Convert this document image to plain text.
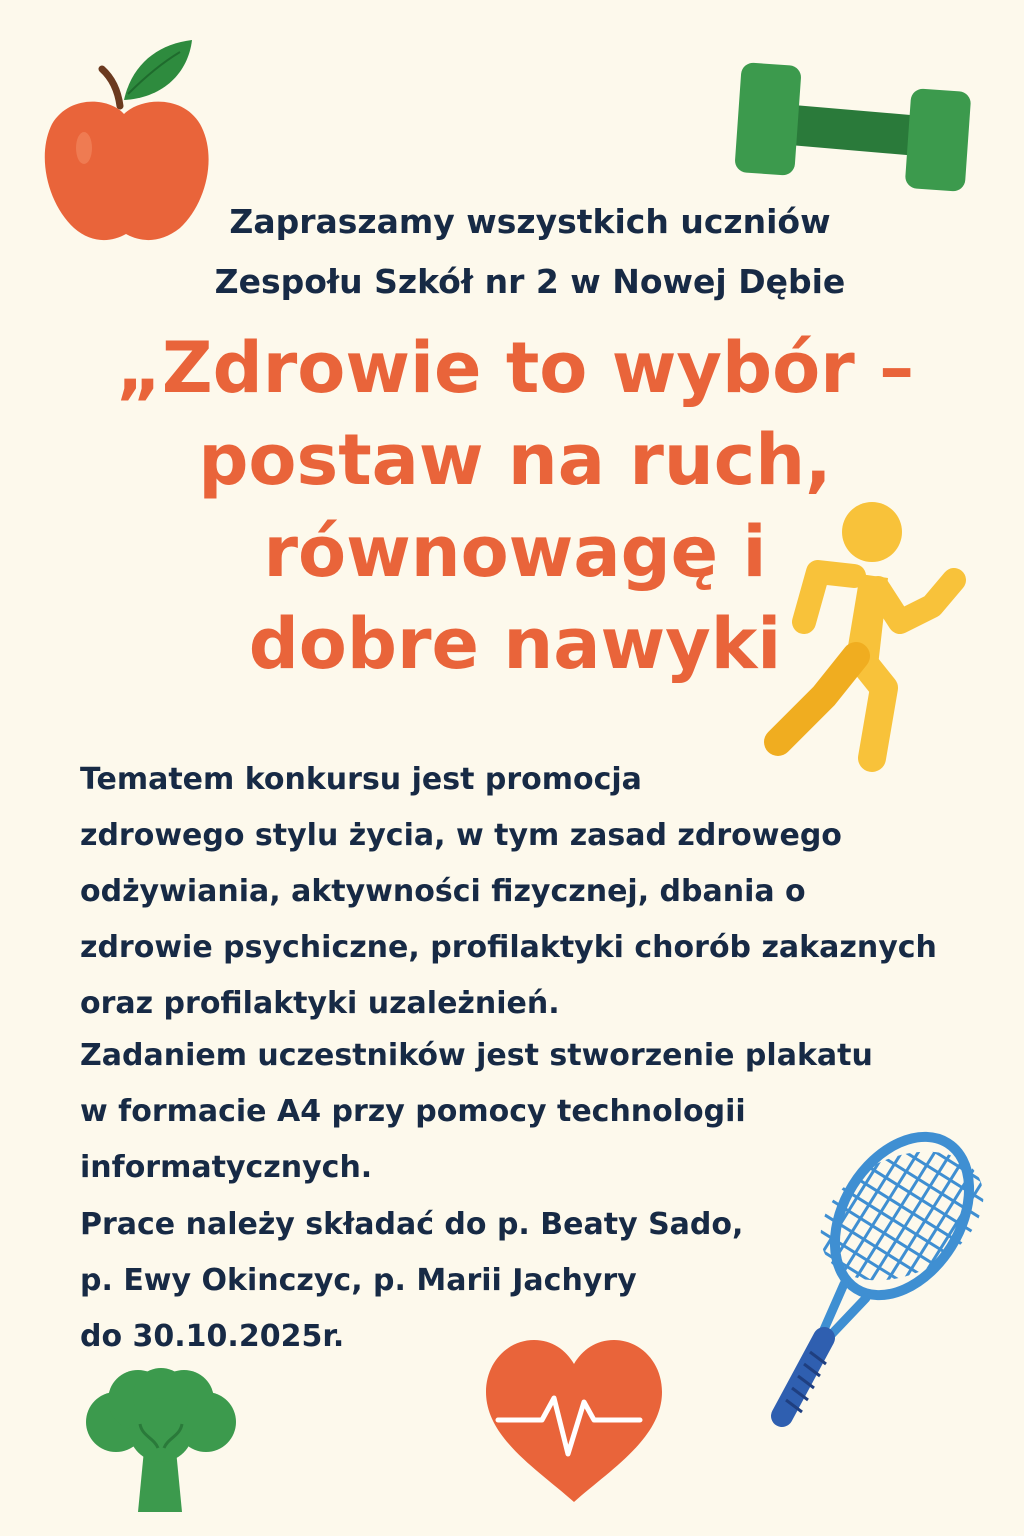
Zapraszamy wszystkich uczniów
Zespołu Szkół nr 2 w Nowej Dębie
„Zdrowie to wybór –
postaw na ruch,
równowagę i
dobre nawyki
Tematem konkursu jest promocja
zdrowego stylu życia, w tym zasad zdrowego
odżywiania, aktywności fizycznej, dbania o
zdrowie psychiczne, profilaktyki chorób zakaznych
oraz profilaktyki uzależnień.
Zadaniem uczestników jest stworzenie plakatu
w formacie A4 przy pomocy technologii
informatycznych.
Prace należy składać do p. Beaty Sado,
p. Ewy Okinczyc, p. Marii Jachyry
do 30.10.2025r.
